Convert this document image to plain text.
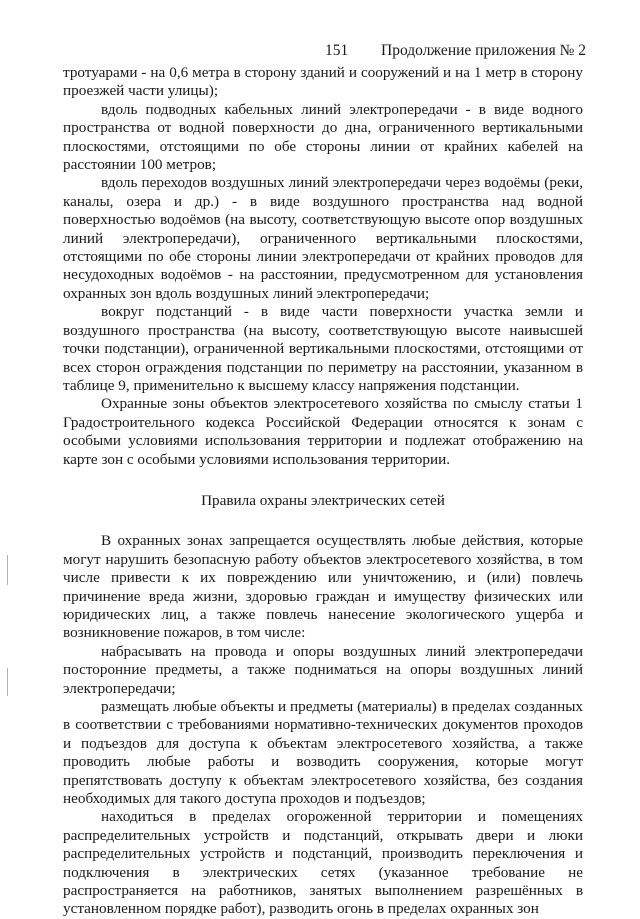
151 Продолжение приложения № 2

тротуарами - на 0,6 метра в сторону зданий и сооружений и на 1 метр в сторону проезжей части улицы);

вдоль подводных кабельных линий электропередачи - в виде водного пространства от водной поверхности до дна, ограниченного вертикальными плоскостями, отстоящими по обе стороны линии от крайних кабелей на расстоянии 100 метров;

вдоль переходов воздушных линий электропередачи через водоёмы (реки, каналы, озера и др.) - в виде воздушного пространства над водной поверхностью водоёмов (на высоту, соответствующую высоте опор воздушных линий электропередачи), ограниченного вертикальными плоскостями, отстоящими по обе стороны линии электропередачи от крайних проводов для несудоходных водоёмов - на расстоянии, предусмотренном для установления охранных зон вдоль воздушных линий электропередачи;

вокруг подстанций - в виде части поверхности участка земли и воздушного пространства (на высоту, соответствующую высоте наивысшей точки подстанции), ограниченной вертикальными плоскостями, отстоящими от всех сторон ограждения подстанции по периметру на расстоянии, указанном в таблице 9, применительно к высшему классу напряжения подстанции.

Охранные зоны объектов электросетевого хозяйства по смыслу статьи 1 Градостроительного кодекса Российской Федерации относятся к зонам с особыми условиями использования территории и подлежат отображению на карте зон с особыми условиями использования территории.

Правила охраны электрических сетей

В охранных зонах запрещается осуществлять любые действия, которые могут нарушить безопасную работу объектов электросетевого хозяйства, в том числе привести к их повреждению или уничтожению, и (или) повлечь причинение вреда жизни, здоровью граждан и имуществу физических или юридических лиц, а также повлечь нанесение экологического ущерба и возникновение пожаров, в том числе:

набрасывать на провода и опоры воздушных линий электропередачи посторонние предметы, а также подниматься на опоры воздушных линий электропередачи;

размещать любые объекты и предметы (материалы) в пределах созданных в соответствии с требованиями нормативно-технических документов проходов и подъездов для доступа к объектам электросетевого хозяйства, а также проводить любые работы и возводить сооружения, которые могут препятствовать доступу к объектам электросетевого хозяйства, без создания необходимых для такого доступа проходов и подъездов;

находиться в пределах огороженной территории и помещениях распределительных устройств и подстанций, открывать двери и люки распределительных устройств и подстанций, производить переключения и подключения в электрических сетях (указанное требование не распространяется на работников, занятых выполнением разрешённых в установленном порядке работ), разводить огонь в пределах охранных зон
